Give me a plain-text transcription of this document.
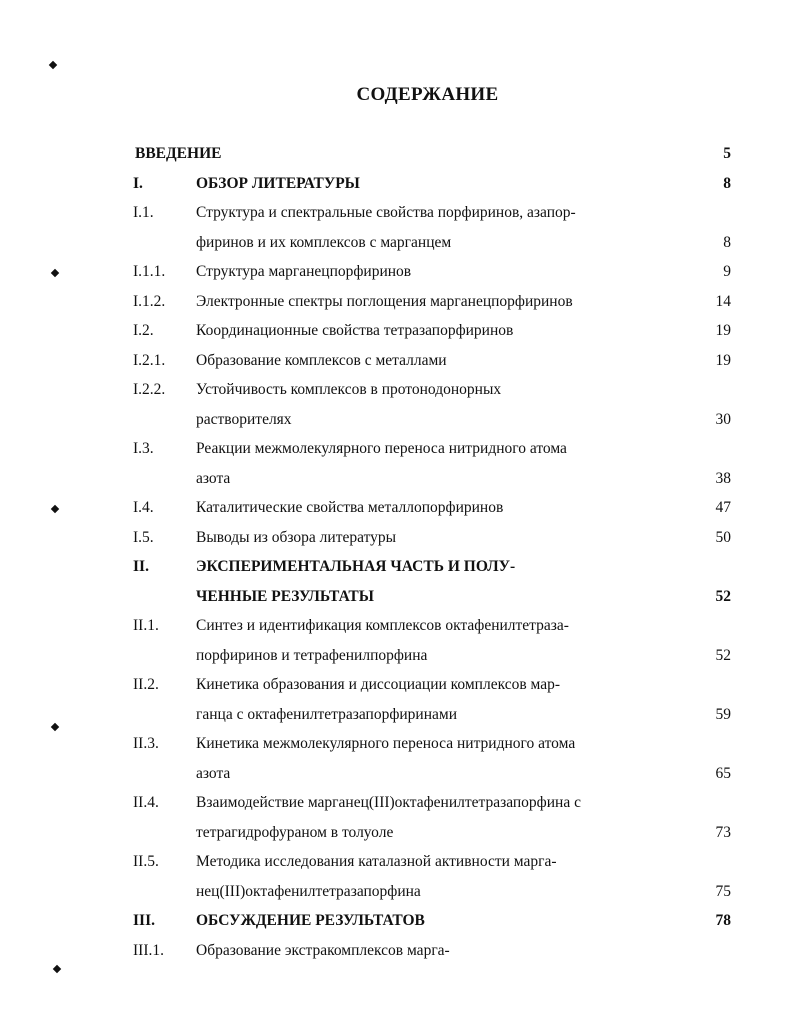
СОДЕРЖАНИЕ
ВВЕДЕНИЕ	5
I.	ОБЗОР ЛИТЕРАТУРЫ	8
I.1.	Структура и спектральные свойства порфиринов, азапор-
фиринов и их комплексов с марганцем	8
I.1.1. Структура марганецпорфиринов	9
I.1.2. Электронные спектры поглощения марганецпорфиринов	14
I.2.	Координационные свойства тетразапорфиринов	19
I.2.1. Образование комплексов с металлами	19
I.2.2. Устойчивость комплексов в протонодонорных
растворителях	30
I.3.	Реакции межмолекулярного переноса нитридного атома
азота	38
I.4.	Каталитические свойства металлопорфиринов	47
I.5.	Выводы из обзора литературы	50
II.	ЭКСПЕРИМЕНТАЛЬНАЯ ЧАСТЬ И ПОЛУ-
ЧЕННЫЕ РЕЗУЛЬТАТЫ	52
II.1. Синтез и идентификация комплексов октафенилтетраза-
порфиринов и тетрафенилпорфина	52
II.2. Кинетика образования и диссоциации комплексов мар-
ганца с октафенилтетразапорфиринами	59
II.3. Кинетика межмолекулярного переноса нитридного атома
азота	65
II.4. Взаимодействие марганец(III)октафенилтетразапорфина с
тетрагидрофураном в толуоле	73
II.5. Методика исследования каталазной активности марга-
нец(III)октафенилтетразапорфина	75
III.	ОБСУЖДЕНИЕ РЕЗУЛЬТАТОВ	78
III.1. Образование экстракомплексов марга-
